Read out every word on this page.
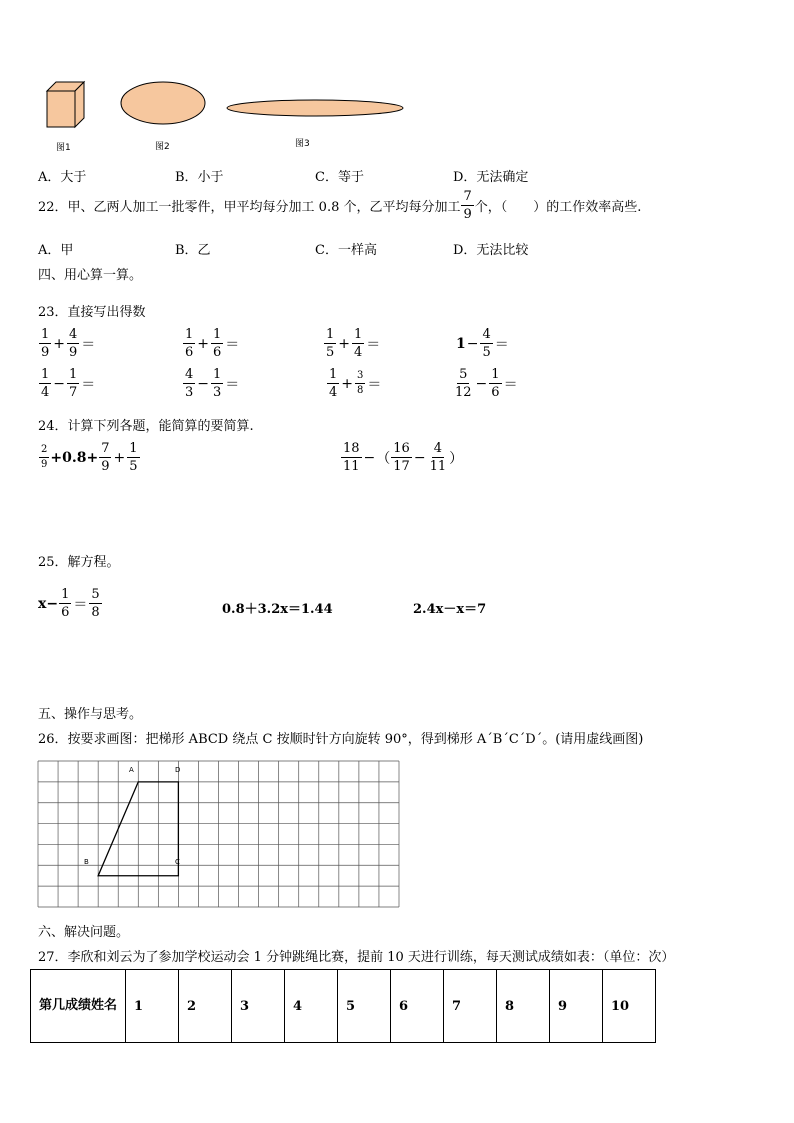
图1	图2	图3
A．大于	B．小于	C．等于	D．无法确定
22．甲、乙两人加工一批零件，甲平均每分加工 0.8 个，乙平均每分加工 $\frac{7}{9}$ 个，（　　）的工作效率高些.
A．甲	B．乙	C．一样高	D．无法比较
四、用心算一算。
23．直接写出得数
$\frac{1}{9} + \frac{4}{9}$ ＝	$\frac{1}{6} + \frac{1}{6}$ ＝	$\frac{1}{5} + \frac{1}{4}$ ＝	$1 - \frac{4}{5}$ ＝
$\frac{1}{4} - \frac{1}{7}$ ＝	$\frac{4}{3} - \frac{1}{3}$ ＝	$\frac{1}{4} + \frac{3}{8}$ ＝	$\frac{5}{12} - \frac{1}{6}$ ＝
24．计算下列各题，能简算的要简算.
$\frac{2}{9} +0.8+ \frac{7}{9} + \frac{1}{5}$	$\frac{18}{11}$ − （ $\frac{16}{17} - \frac{4}{11}$ ）
25．解方程。
$x- \frac{1}{6} = \frac{5}{8}$	0.8＋3.2x＝1.44	2.4x－x＝7
五、操作与思考。
26．按要求画图：把梯形 ABCD 绕点 C 按顺时针方向旋转 90°，得到梯形 A´B´C´D´。(请用虚线画图)
A	D
B	C
六、解决问题。
27．李欣和刘云为了参加学校运动会 1 分钟跳绳比赛，提前 10 天进行训练，每天测试成绩如表：（单位：次）
第几成绩姓名	1	2	3	4	5	6	7	8	9	10
